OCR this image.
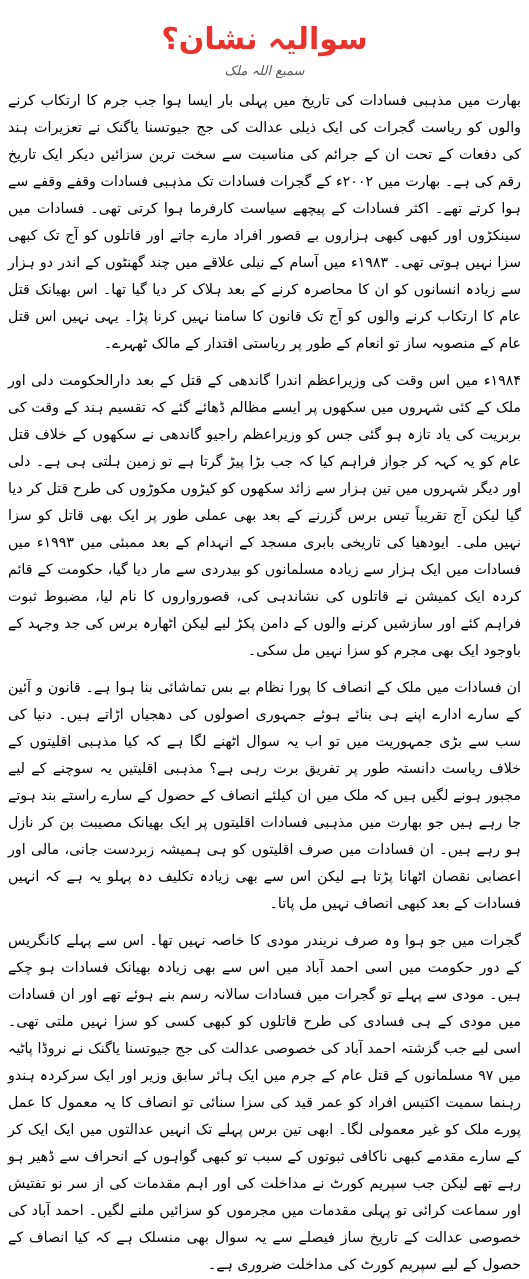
سوالیہ نشان؟
سمیع اللہ ملک

بھارت میں مذہبی فسادات کی تاریخ میں پہلی بار ایسا ہوا جب جرم کا ارتکاب کرنے والوں کو ریاست گجرات کی ایک ذیلی عدالت کی جج جیوتسنا یاگنک نے تعزیرات ہند کی دفعات کے تحت ان کے جرائم کی مناسبت سے سخت ترین سزائیں دیکر ایک تاریخ رقم کی ہے۔ بھارت میں ۲۰۰۲ء کے گجرات فسادات تک مذہبی فسادات وقفے وقفے سے ہوا کرتے تھے۔ اکثر فسادات کے پیچھے سیاست کارفرما ہوا کرتی تھی۔ فسادات میں سینکڑوں اور کبھی کبھی ہزاروں بے قصور افراد مارے جاتے اور قاتلوں کو آج تک کبھی سزا نہیں ہوتی تھی۔ ۱۹۸۳ء میں آسام کے نیلی علاقے میں چند گھنٹوں کے اندر دو ہزار سے زیادہ انسانوں کو ان کا محاصرہ کرنے کے بعد ہلاک کر دیا گیا تھا۔ اس بھیانک قتل عام کا ارتکاب کرنے والوں کو آج تک قانون کا سامنا نہیں کرنا پڑا۔ یہی نہیں اس قتل عام کے منصوبہ ساز تو انعام کے طور پر ریاستی اقتدار کے مالک ٹھہرے۔

۱۹۸۴ء میں اس وقت کی وزیراعظم اندرا گاندھی کے قتل کے بعد دارالحکومت دلی اور ملک کے کئی شہروں میں سکھوں پر ایسے مظالم ڈھائے گئے کہ تقسیم ہند کے وقت کی بربریت کی یاد تازہ ہو گئی جس کو وزیراعظم راجیو گاندھی نے سکھوں کے خلاف قتل عام کو یہ کہہ کر جواز فراہم کیا کہ جب بڑا پیڑ گرتا ہے تو زمین ہلتی ہی ہے۔ دلی اور دیگر شہروں میں تین ہزار سے زائد سکھوں کو کیڑوں مکوڑوں کی طرح قتل کر دیا گیا لیکن آج تقریباً تیس برس گزرنے کے بعد بھی عملی طور پر ایک بھی قاتل کو سزا نہیں ملی۔ ایودھیا کی تاریخی بابری مسجد کے انہدام کے بعد ممبئی میں ۱۹۹۳ء میں فسادات میں ایک ہزار سے زیادہ مسلمانوں کو بیدردی سے مار دیا گیا، حکومت کے قائم کردہ ایک کمیشن نے قاتلوں کی نشاندہی کی، قصورواروں کا نام لیا، مضبوط ثبوت فراہم کئے اور سازشیں کرنے والوں کے دامن پکڑ لیے لیکن اٹھارہ برس کی جد وجہد کے باوجود ایک بھی مجرم کو سزا نہیں مل سکی۔

ان فسادات میں ملک کے انصاف کا پورا نظام بے بس تماشائی بنا ہوا ہے۔ قانون و آئین کے سارے ادارے اپنے ہی بنائے ہوئے جمہوری اصولوں کی دھجیاں اڑاتے ہیں۔ دنیا کی سب سے بڑی جمہوریت میں تو اب یہ سوال اٹھنے لگا ہے کہ کیا مذہبی اقلیتوں کے خلاف ریاست دانستہ طور پر تفریق برت رہی ہے؟ مذہبی اقلیتیں یہ سوچنے کے لیے مجبور ہونے لگیں ہیں کہ ملک میں ان کیلئے انصاف کے حصول کے سارے راستے بند ہوتے جا رہے ہیں جو بھارت میں مذہبی فسادات اقلیتوں پر ایک بھیانک مصیبت بن کر نازل ہو رہے ہیں۔ ان فسادات میں صرف اقلیتوں کو ہی ہمیشہ زبردست جانی، مالی اور اعصابی نقصان اٹھانا پڑتا ہے لیکن اس سے بھی زیادہ تکلیف دہ پہلو یہ ہے کہ انہیں فسادات کے بعد کبھی انصاف نہیں مل پاتا۔

گجرات میں جو ہوا وہ صرف نریندر مودی کا خاصہ نہیں تھا۔ اس سے پہلے کانگریس کے دور حکومت میں اسی احمد آباد میں اس سے بھی زیادہ بھیانک فسادات ہو چکے ہیں۔ مودی سے پہلے تو گجرات میں فسادات سالانہ رسم بنے ہوئے تھے اور ان فسادات میں مودی کے ہی فسادی کی طرح قاتلوں کو کبھی کسی کو سزا نہیں ملتی تھی۔ اسی لیے جب گزشتہ احمد آباد کی خصوصی عدالت کی جج جیوتسنا یاگنک نے نروڈا پاٹیہ میں ۹۷ مسلمانوں کے قتل عام کے جرم میں ایک ہائر سابق وزیر اور ایک سرکردہ ہندو رہنما سمیت اکتیس افراد کو عمر قید کی سزا سنائی تو انصاف کا یہ معمول کا عمل پورے ملک کو غیر معمولی لگا۔ ابھی تین برس پہلے تک انہیں عدالتوں میں ایک ایک کر کے سارے مقدمے کبھی ناکافی ثبوتوں کے سبب تو کبھی گواہوں کے انحراف سے ڈھیر ہو رہے تھے لیکن جب سپریم کورٹ نے مداخلت کی اور اہم مقدمات کی از سر نو تفتیش اور سماعت کرائی تو پہلی مقدمات میں مجرموں کو سزائیں ملنے لگیں۔ احمد آباد کی خصوصی عدالت کے تاریخ ساز فیصلے سے یہ سوال بھی منسلک ہے کہ کیا انصاف کے حصول کے لیے سپریم کورٹ کی مداخلت ضروری ہے۔
